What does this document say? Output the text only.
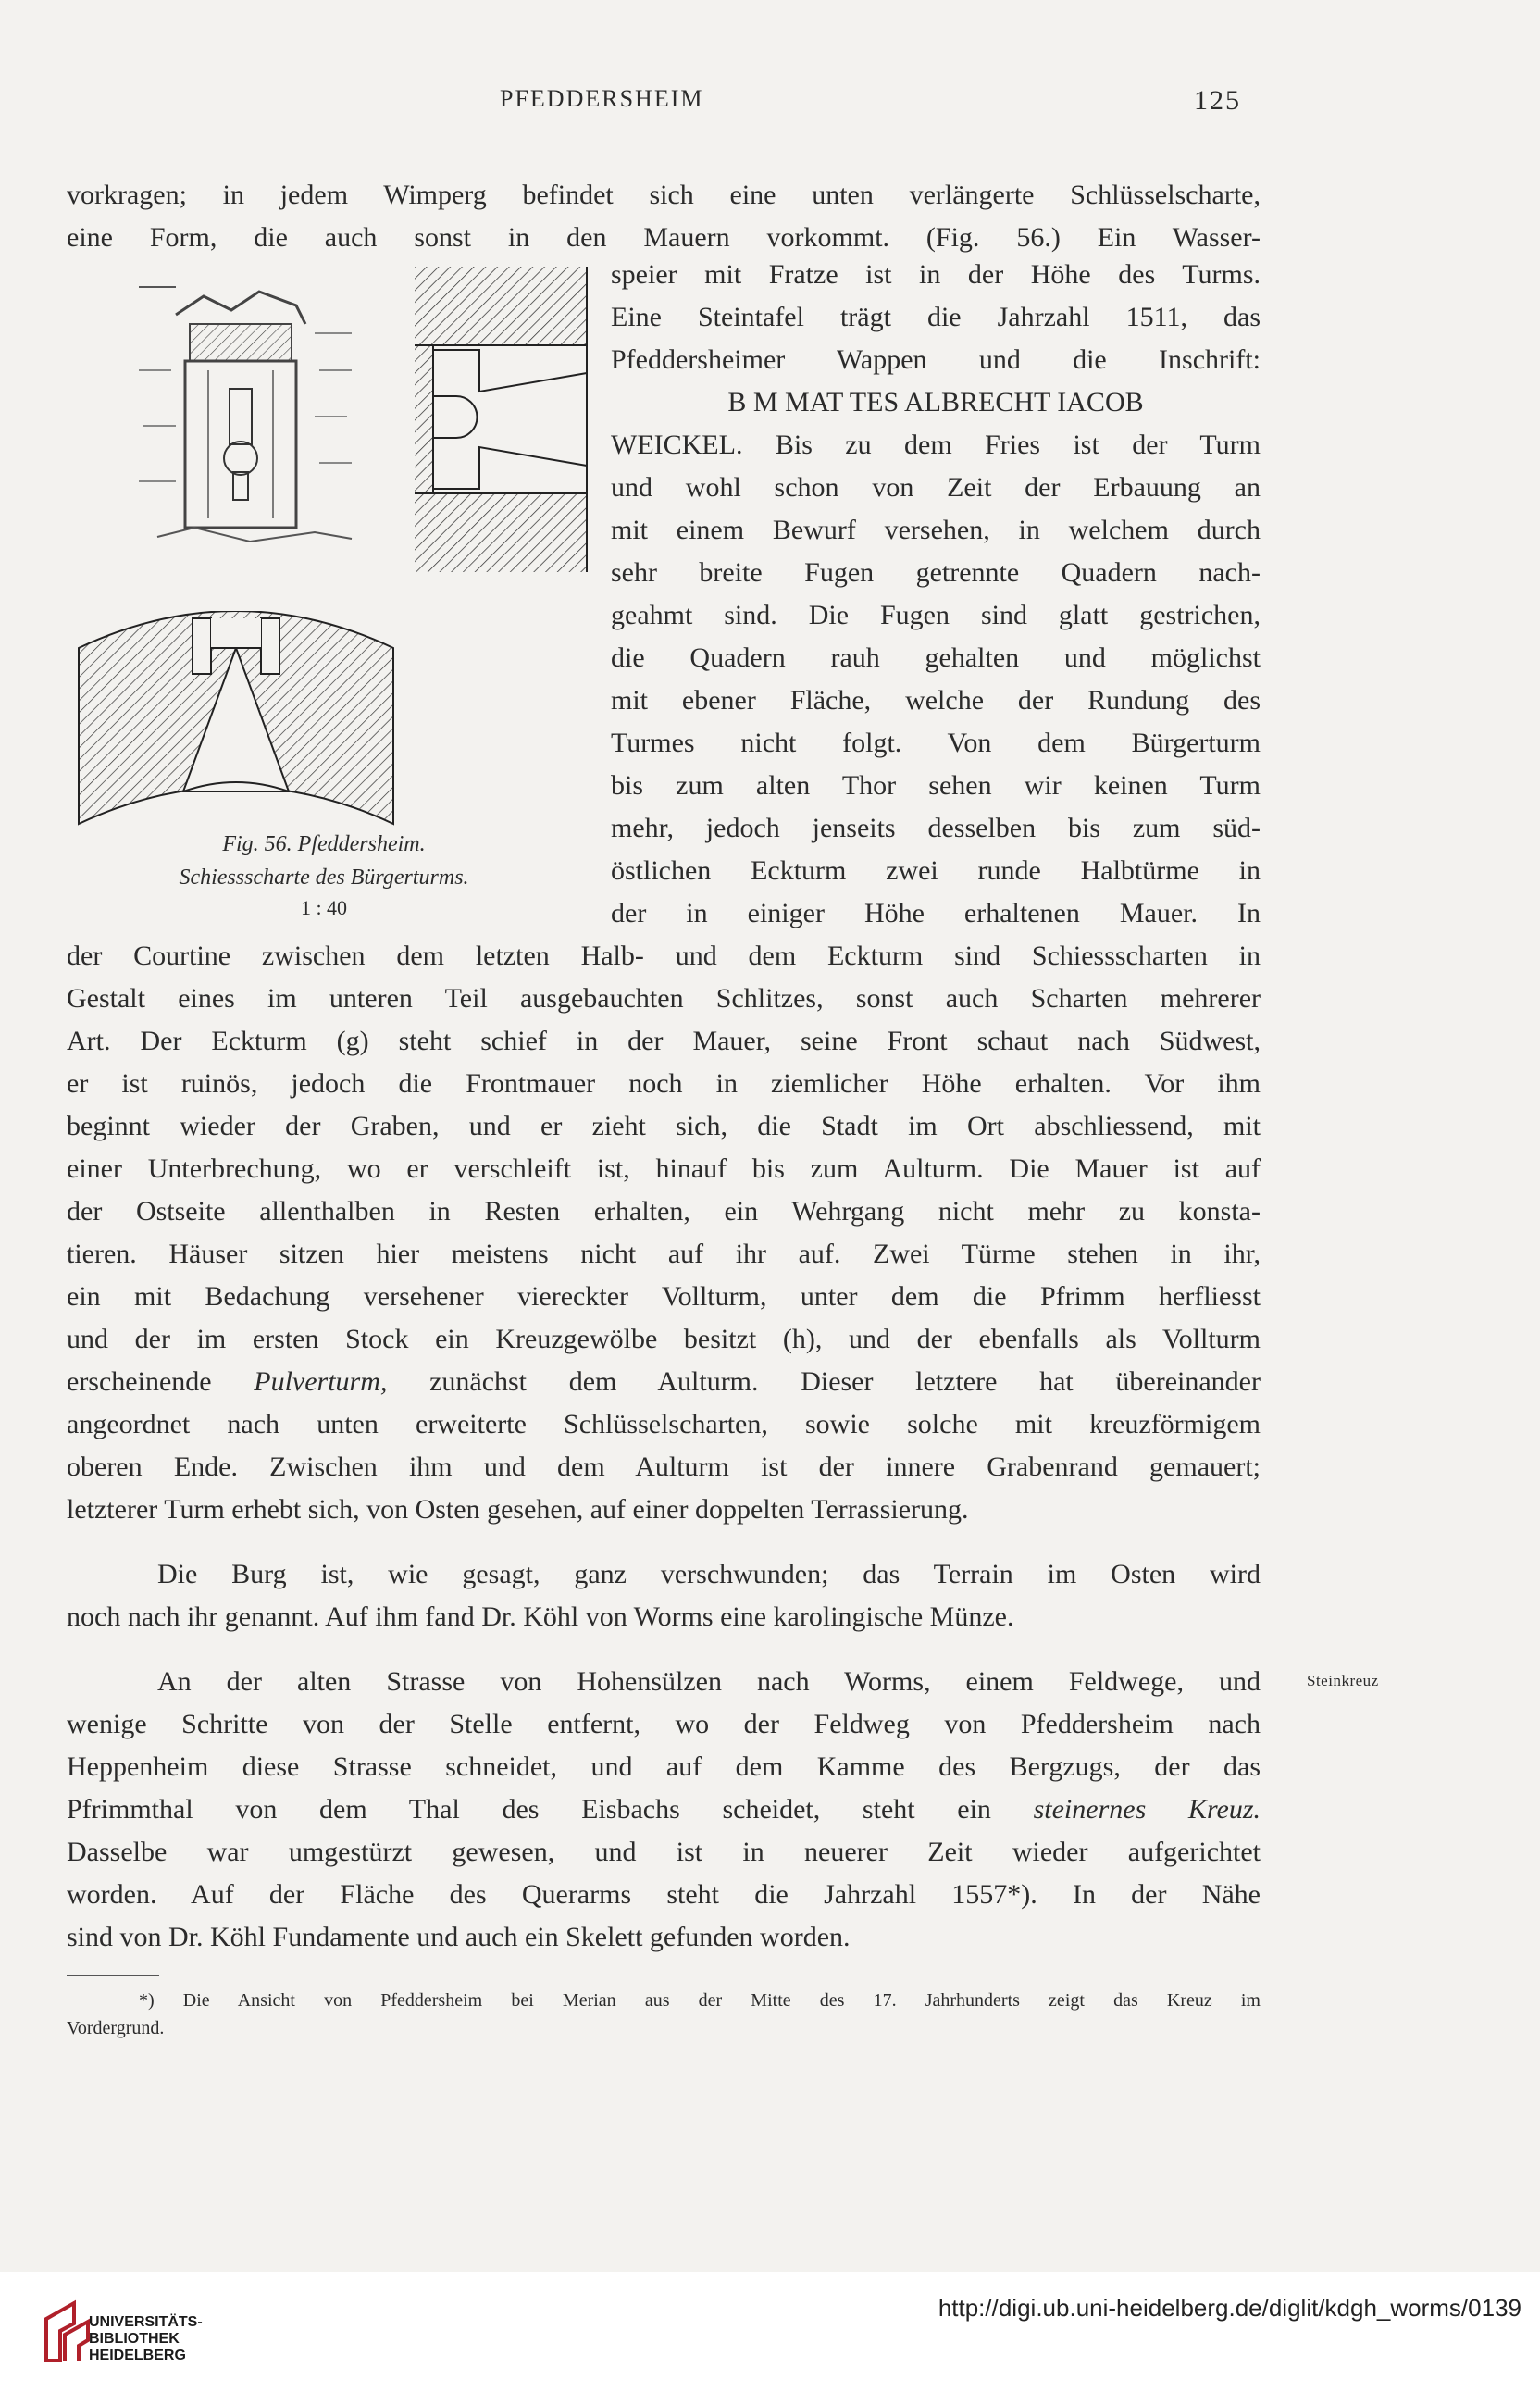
PFEDDERSHEIM	125
vorkragen; in jedem Wimperg befindet sich eine unten verlängerte Schlüsselscharte,
eine Form, die auch sonst in den Mauern vorkommt. (Fig. 56.) Ein Wasser-
speier mit Fratze ist in der Höhe des Turms.
Eine Steintafel trägt die Jahrzahl 1511, das
Pfeddersheimer Wappen und die Inschrift:
B M MAT TES ALBRECHT IACOB
WEICKEL. Bis zu dem Fries ist der Turm
und wohl schon von Zeit der Erbauung an
mit einem Bewurf versehen, in welchem durch
sehr breite Fugen getrennte Quadern nach-
geahmt sind. Die Fugen sind glatt gestrichen,
die Quadern rauh gehalten und möglichst
mit ebener Fläche, welche der Rundung des
Turmes nicht folgt. Von dem Bürgerturm
bis zum alten Thor sehen wir keinen Turm
mehr, jedoch jenseits desselben bis zum süd-
östlichen Eckturm zwei runde Halbtürme in
der in einiger Höhe erhaltenen Mauer. In
Fig. 56. Pfeddersheim.
Schiessscharte des Bürgerturms.
1 : 40
der Courtine zwischen dem letzten Halb- und dem Eckturm sind Schiessscharten in
Gestalt eines im unteren Teil ausgebauchten Schlitzes, sonst auch Scharten mehrerer
Art. Der Eckturm (g) steht schief in der Mauer, seine Front schaut nach Südwest,
er ist ruinös, jedoch die Frontmauer noch in ziemlicher Höhe erhalten. Vor ihm
beginnt wieder der Graben, und er zieht sich, die Stadt im Ort abschliessend, mit
einer Unterbrechung, wo er verschleift ist, hinauf bis zum Aulturm. Die Mauer ist auf
der Ostseite allenthalben in Resten erhalten, ein Wehrgang nicht mehr zu konsta-
tieren. Häuser sitzen hier meistens nicht auf ihr auf. Zwei Türme stehen in ihr,
ein mit Bedachung versehener viereckter Vollturm, unter dem die Pfrimm herfliesst
und der im ersten Stock ein Kreuzgewölbe besitzt (h), und der ebenfalls als Vollturm
erscheinende Pulverturm, zunächst dem Aulturm. Dieser letztere hat übereinander
angeordnet nach unten erweiterte Schlüsselscharten, sowie solche mit kreuzförmigem
oberen Ende. Zwischen ihm und dem Aulturm ist der innere Grabenrand gemauert;
letzterer Turm erhebt sich, von Osten gesehen, auf einer doppelten Terrassierung.
Die Burg ist, wie gesagt, ganz verschwunden; das Terrain im Osten wird
noch nach ihr genannt. Auf ihm fand Dr. Köhl von Worms eine karolingische Münze.
An der alten Strasse von Hohensülzen nach Worms, einem Feldwege, und	Steinkreuz
wenige Schritte von der Stelle entfernt, wo der Feldweg von Pfeddersheim nach
Heppenheim diese Strasse schneidet, und auf dem Kamme des Bergzugs, der das
Pfrimmthal von dem Thal des Eisbachs scheidet, steht ein steinernes Kreuz.
Dasselbe war umgestürzt gewesen, und ist in neuerer Zeit wieder aufgerichtet
worden. Auf der Fläche des Querarms steht die Jahrzahl 1557*). In der Nähe
sind von Dr. Köhl Fundamente und auch ein Skelett gefunden worden.
*) Die Ansicht von Pfeddersheim bei Merian aus der Mitte des 17. Jahrhunderts zeigt das Kreuz im
Vordergrund.
UNIVERSITÄTS-
BIBLIOTHEK
HEIDELBERG
http://digi.ub.uni-heidelberg.de/diglit/kdgh_worms/0139
